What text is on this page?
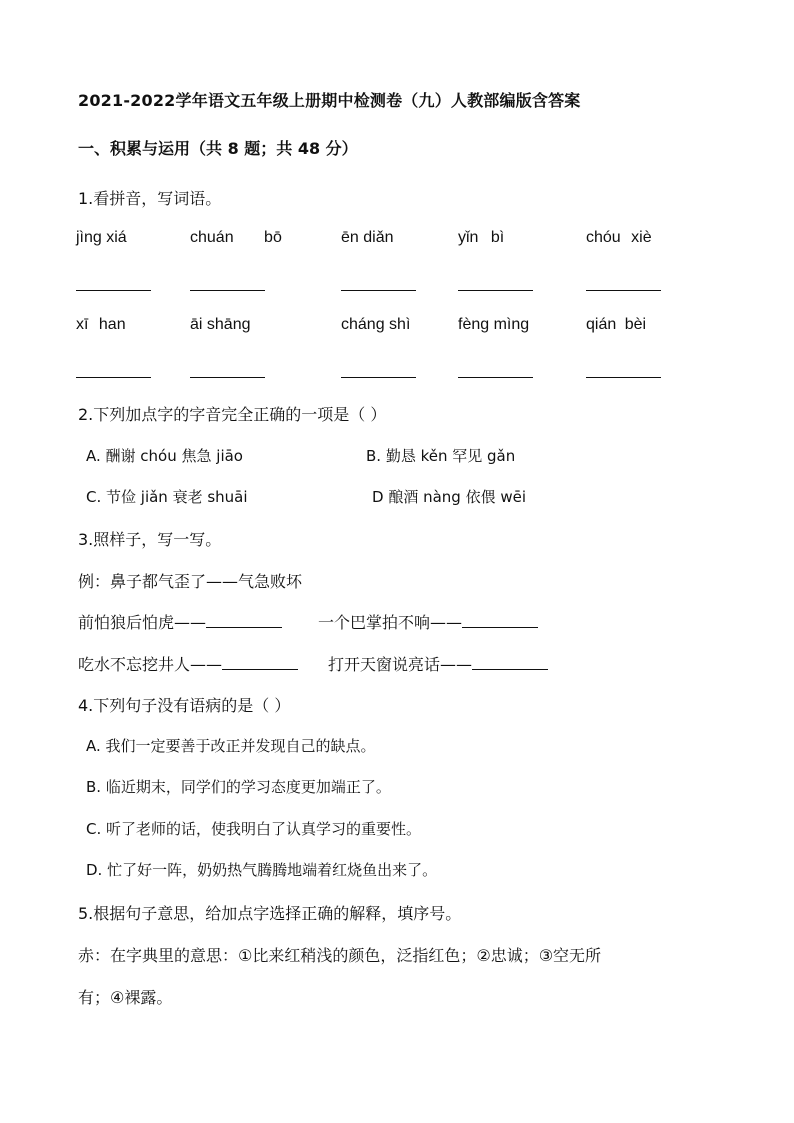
2021-2022学年语文五年级上册期中检测卷（九）人教部编版含答案
一、积累与运用（共 8 题；共 48 分）
1.看拼音，写词语。
jìng xiá	chuán bō	ēn diǎn	yǐn bì	chóu xiè
xī han	āi shāng	cháng shì	fèng mìng	qián bèi
2.下列加点字的字音完全正确的一项是（ ）
A. 酬谢 chóu 焦急 jiāo	B. 勤恳 kěn 罕见 gǎn
C. 节俭 jiǎn 衰老 shuāi	D 酿酒 nàng 依偎 wēi
3.照样子，写一写。
例：鼻子都气歪了——气急败坏
前怕狼后怕虎——	一个巴掌拍不响——
吃水不忘挖井人——	打开天窗说亮话——
4.下列句子没有语病的是（ ）
A. 我们一定要善于改正并发现自己的缺点。
B. 临近期末，同学们的学习态度更加端正了。
C. 听了老师的话，使我明白了认真学习的重要性。
D. 忙了好一阵，奶奶热气腾腾地端着红烧鱼出来了。
5.根据句子意思，给加点字选择正确的解释，填序号。
赤：在字典里的意思：①比来红稍浅的颜色，泛指红色；②忠诚；③空无所
有；④裸露。
